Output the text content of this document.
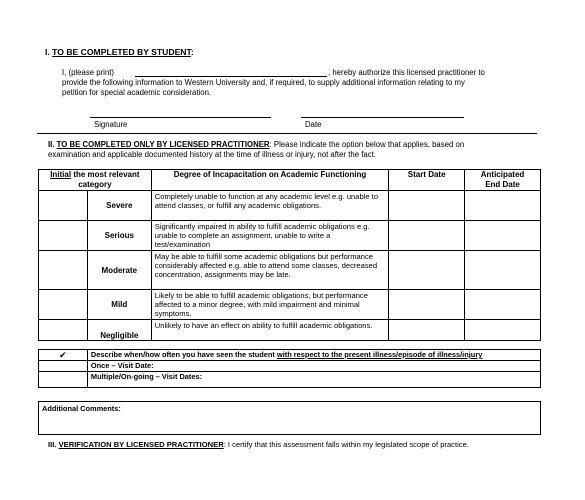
I. TO BE COMPLETED BY STUDENT:
I, (please print)	, hereby authorize this licensed practitioner to
provide the following information to Western University and, if required, to supply additional information relating to my
petition for special academic consideration.
Signature	Date
II. TO BE COMPLETED ONLY BY LICENSED PRACTITIONER: Please indicate the option below that applies, based on
examination and applicable documented history at the time of illness or injury, not after the fact.
Initial the most relevant
category		Degree of Incapacitation on Academic Functioning	Start Date	Anticipated
End Date
	Severe	Completely unable to function at any academic level e.g. unable to attend classes, or fulfill any academic obligations.		
	Serious	Significantly impaired in ability to fulfill academic obligations e.g. unable to complete an assignment, unable to write a test/examination		
	Moderate	May be able to fulfill some academic obligations but performance considerably affected e.g. able to attend some classes, decreased concentration, assignments may be late.		
	Mild	Likely to be able to fulfill academic obligations, but performance affected to a minor degree, with mild impairment and minimal symptoms.		
	Negligible	Unlikely to have an effect on ability to fulfill academic obligations.		
✔	Describe when/how often you have seen the student with respect to the present illness/episode of illness/injury
	Once – Visit Date:
	Multiple/On-going – Visit Dates:
Additional Comments:
III. VERIFICATION BY LICENSED PRACTITIONER: I certify that this assessment falls within my legislated scope of practice.
